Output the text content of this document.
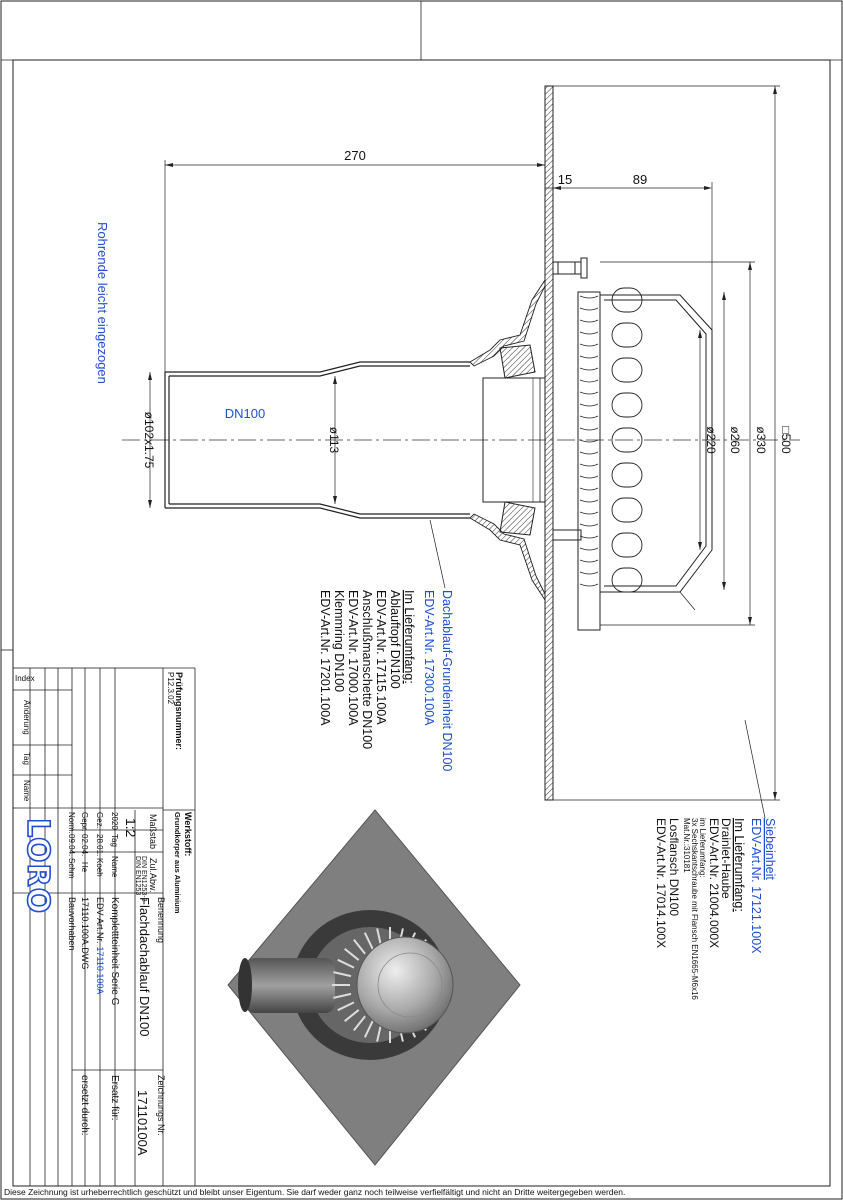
270
15	89
DN100
ø102x1.75	ø113	ø220 ø260 ø330 □500
Rohrende leicht eingezogen
Dachablauf-Grundeinheit DN100
EDV-Art.Nr. 17300.100A
Im Lieferumfang:
Ablauftopf DN100
EDV-Art.Nr. 17115.100A
Anschlußmanschette DN100
EDV-Art.Nr. 17000.100A
Klemmring DN100
EDV-Art.Nr. 17201.100A
Siebeinheit
EDV-Art.Nr. 17121.100X
Im Lieferumfang:
Drainlet-Haube
EDV-Art.Nr. 21004.000X
im Lieferumfang:
3x Sechskantschraube mit Flansch EN1665-M6x16
Mat.Nr.:310181
Losflansch DN100
EDV-Art.Nr. 17014.100X
Prüfungsnummer:
P12.3.02
Werkstoff:
Grundkörper aus Aluminium
Maßstab
1:2
Zul.Abw.
DIN EN1253-2
DIN EN1253
Benennung
Flachdachablauf DN100
Zeichnungs Nr.
17110100A
Ersatz für:
ersetzt durch:
2020
Tag
Name
Gez.
28.01.
Koeh
Gepr.
02.04.
He
Norm.
09.04.
Schm
Komplettteinheit Serie G
EDV-Art.Nr.17110.100A
17110.100A.DWG
Bauvorhaben
Index
Änderung
Tag
Name
LORO
Diese Zeichnung ist urheberrechtlich geschützt und bleibt unser Eigentum. Sie darf weder ganz noch teilweise verfielfältigt und nicht an Dritte weitergegeben werden.
